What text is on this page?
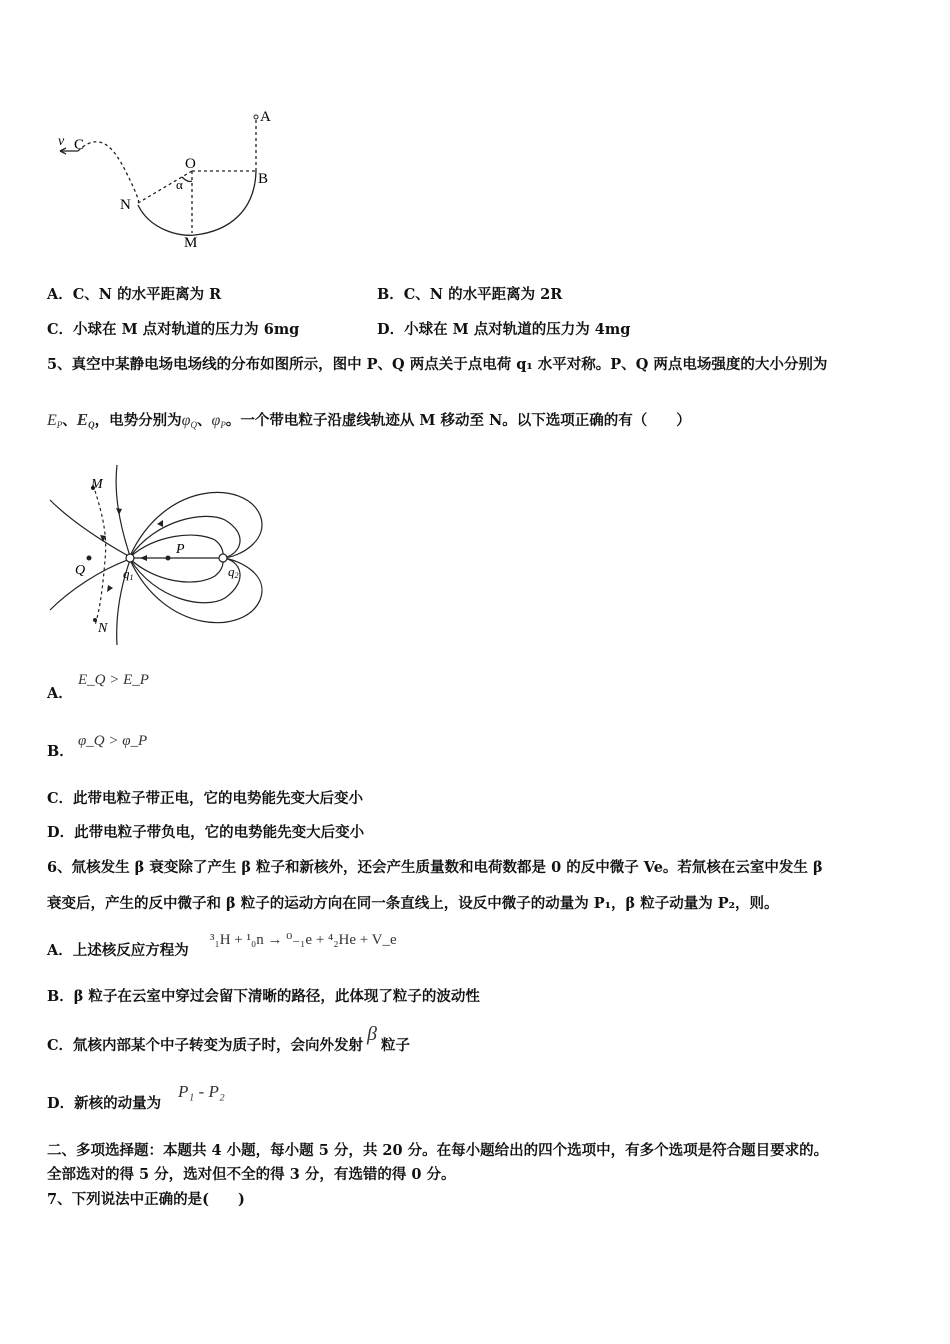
v C
A
O
α	B
N
M
A．C、N 的水平距离为 R	B．C、N 的水平距离为 2R
C．小球在 M 点对轨道的压力为 6mg	D．小球在 M 点对轨道的压力为 4mg
5、真空中某静电场电场线的分布如图所示，图中 P、Q 两点关于点电荷 q₁ 水平对称。P、Q 两点电场强度的大小分别为
$E_P$、$E_Q$，电势分别为$\varphi_Q$、$\varphi_P$。一个带电粒子沿虚线轨迹从 M 移动至 N。以下选项正确的有（　　）
M
Q	q1
P
q2
N
A．
E_Q > E_P
B．
φ_Q > φ_P
C．此带电粒子带正电，它的电势能先变大后变小
D．此带电粒子带负电，它的电势能先变大后变小
6、氚核发生 β 衰变除了产生 β 粒子和新核外，还会产生质量数和电荷数都是 0 的反中微子 Ve。若氚核在云室中发生 β
衰变后，产生的反中微子和 β 粒子的运动方向在同一条直线上，设反中微子的动量为 P₁，β 粒子动量为 P₂，则。
A．上述核反应方程为
³₁H + ¹₀n → ⁰₋₁e + ⁴₂He + V_e
B．β 粒子在云室中穿过会留下清晰的路径，此体现了粒子的波动性
C．氚核内部某个中子转变为质子时，会向外发射β粒子
D．新核的动量为
P₁ - P₂
二、多项选择题：本题共 4 小题，每小题 5 分，共 20 分。在每小题给出的四个选项中，有多个选项是符合题目要求的。
全部选对的得 5 分，选对但不全的得 3 分，有选错的得 0 分。
7、下列说法中正确的是(　　)
